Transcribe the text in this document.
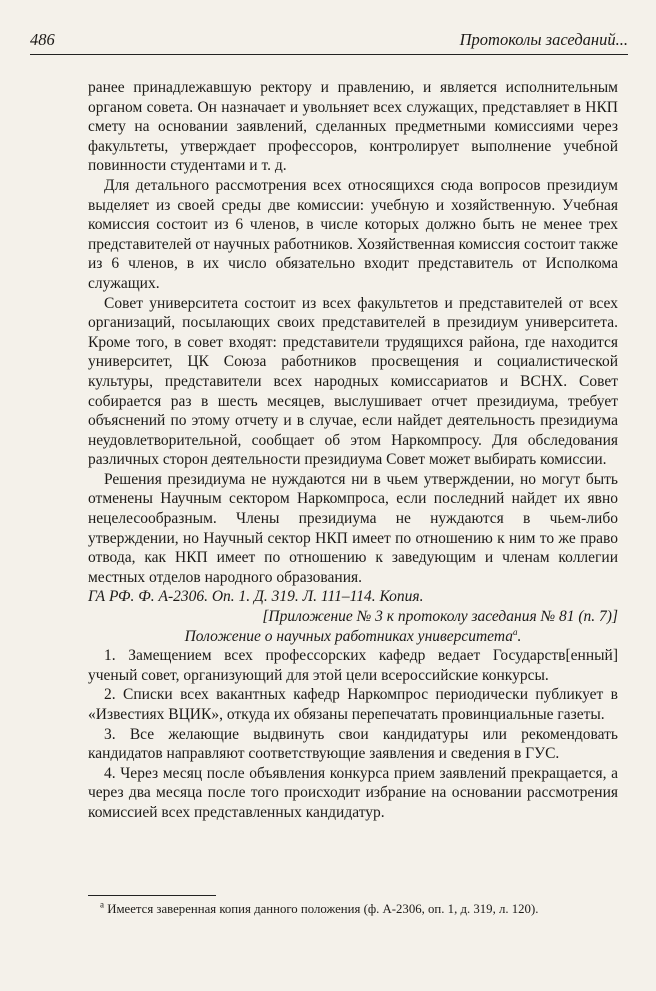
486	Протоколы заседаний...

ранее принадлежавшую ректору и правлению, и является исполнительным органом совета. Он назначает и увольняет всех служащих, представляет в НКП смету на основании заявлений, сделанных предметными комиссиями через факультеты, утверждает профессоров, контролирует выполнение учебной повинности студентами и т. д.

Для детального рассмотрения всех относящихся сюда вопросов президиум выделяет из своей среды две комиссии: учебную и хозяйственную. Учебная комиссия состоит из 6 членов, в числе которых должно быть не менее трех представителей от научных работников. Хозяйственная комиссия состоит также из 6 членов, в их число обязательно входит представитель от Исполкома служащих.

Совет университета состоит из всех факультетов и представителей от всех организаций, посылающих своих представителей в президиум университета. Кроме того, в совет входят: представители трудящихся района, где находится университет, ЦК Союза работников просвещения и социалистической культуры, представители всех народных комиссариатов и ВСНХ. Совет собирается раз в шесть месяцев, выслушивает отчет президиума, требует объяснений по этому отчету и в случае, если найдет деятельность президиума неудовлетворительной, сообщает об этом Наркомпросу. Для обследования различных сторон деятельности президиума Совет может выбирать комиссии.

Решения президиума не нуждаются ни в чьем утверждении, но могут быть отменены Научным сектором Наркомпроса, если последний найдет их явно нецелесообразным. Члены президиума не нуждаются в чьем-либо утверждении, но Научный сектор НКП имеет по отношению к ним то же право отвода, как НКП имеет по отношению к заведующим и членам коллегии местных отделов народного образования.

ГА РФ. Ф. А-2306. Оп. 1. Д. 319. Л. 111–114. Копия.

[Приложение № 3 к протоколу заседания № 81 (п. 7)]

Положение о научных работниках университета$^а$.

1. Замещением всех профессорских кафедр ведает Государств[енный] ученый совет, организующий для этой цели всероссийские конкурсы.

2. Списки всех вакантных кафедр Наркомпрос периодически публикует в «Известиях ВЦИК», откуда их обязаны перепечатать провинциальные газеты.

3. Все желающие выдвинуть свои кандидатуры или рекомендовать кандидатов направляют соответствующие заявления и сведения в ГУС.

4. Через месяц после объявления конкурса прием заявлений прекращается, а через два месяца после того происходит избрание на основании рассмотрения комиссией всех представленных кандидатур.

$^а$ Имеется заверенная копия данного положения (ф. А-2306, оп. 1, д. 319, л. 120).
